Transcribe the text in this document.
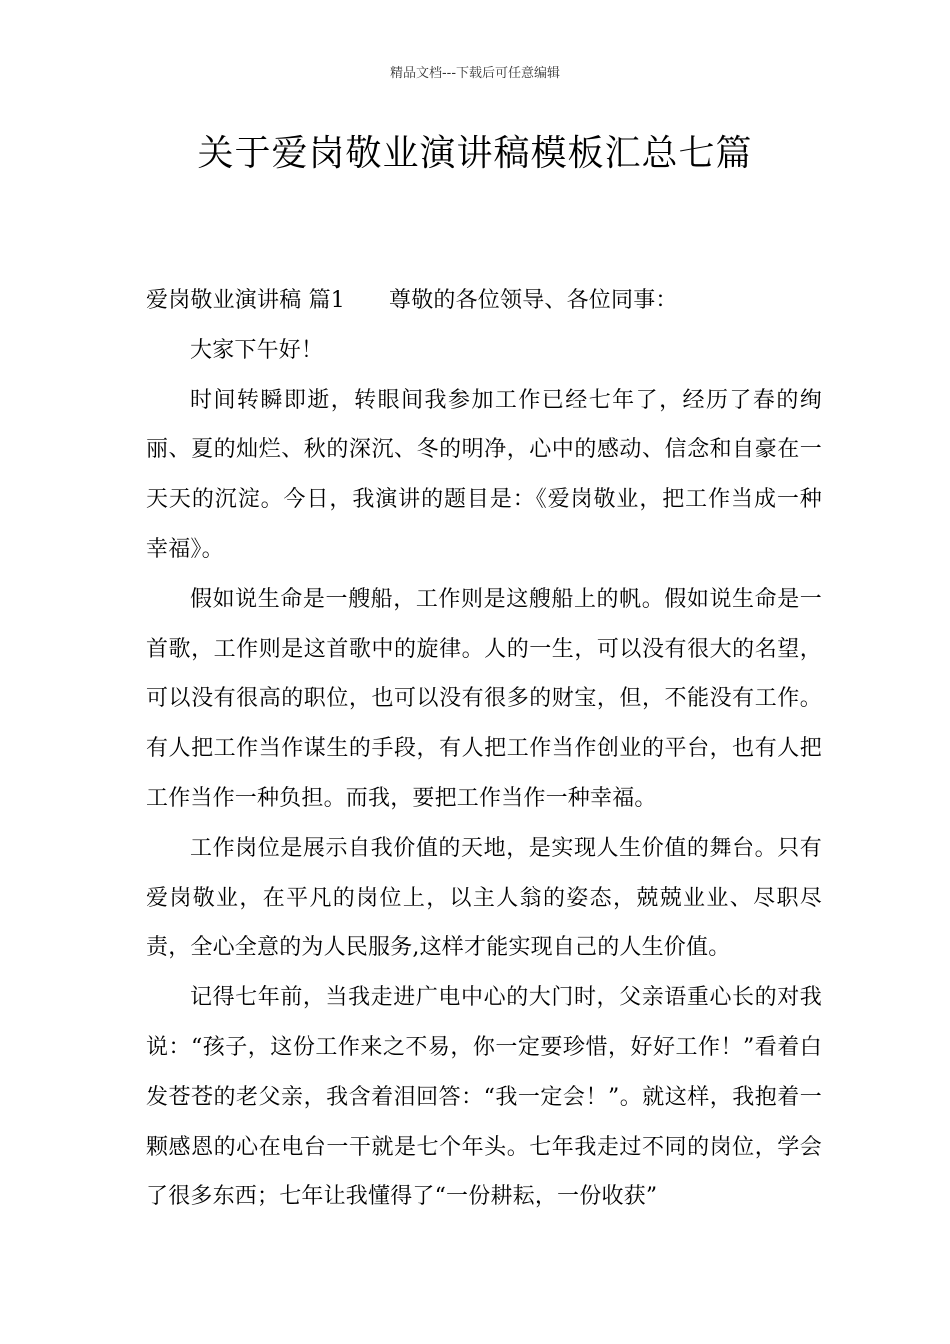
精品文档---下载后可任意编辑
关于爱岗敬业演讲稿模板汇总七篇

爱岗敬业演讲稿 篇1 尊敬的各位领导、各位同事：

大家下午好！

时间转瞬即逝，转眼间我参加工作已经七年了，经历了春的绚丽、夏的灿烂、秋的深沉、冬的明净，心中的感动、信念和自豪在一天天的沉淀。今日，我演讲的题目是：《爱岗敬业，把工作当成一种幸福》。

假如说生命是一艘船，工作则是这艘船上的帆。假如说生命是一首歌，工作则是这首歌中的旋律。人的一生，可以没有很大的名望，可以没有很高的职位，也可以没有很多的财宝，但，不能没有工作。有人把工作当作谋生的手段，有人把工作当作创业的平台，也有人把工作当作一种负担。而我，要把工作当作一种幸福。

工作岗位是展示自我价值的天地，是实现人生价值的舞台。只有爱岗敬业，在平凡的岗位上，以主人翁的姿态，兢兢业业、尽职尽责，全心全意的为人民服务,这样才能实现自己的人生价值。

记得七年前，当我走进广电中心的大门时，父亲语重心长的对我说：“孩子，这份工作来之不易，你一定要珍惜，好好工作！”看着白发苍苍的老父亲，我含着泪回答：“我一定会！”。就这样，我抱着一颗感恩的心在电台一干就是七个年头。七年我走过不同的岗位，学会了很多东西；七年让我懂得了“一份耕耘，一份收获”
